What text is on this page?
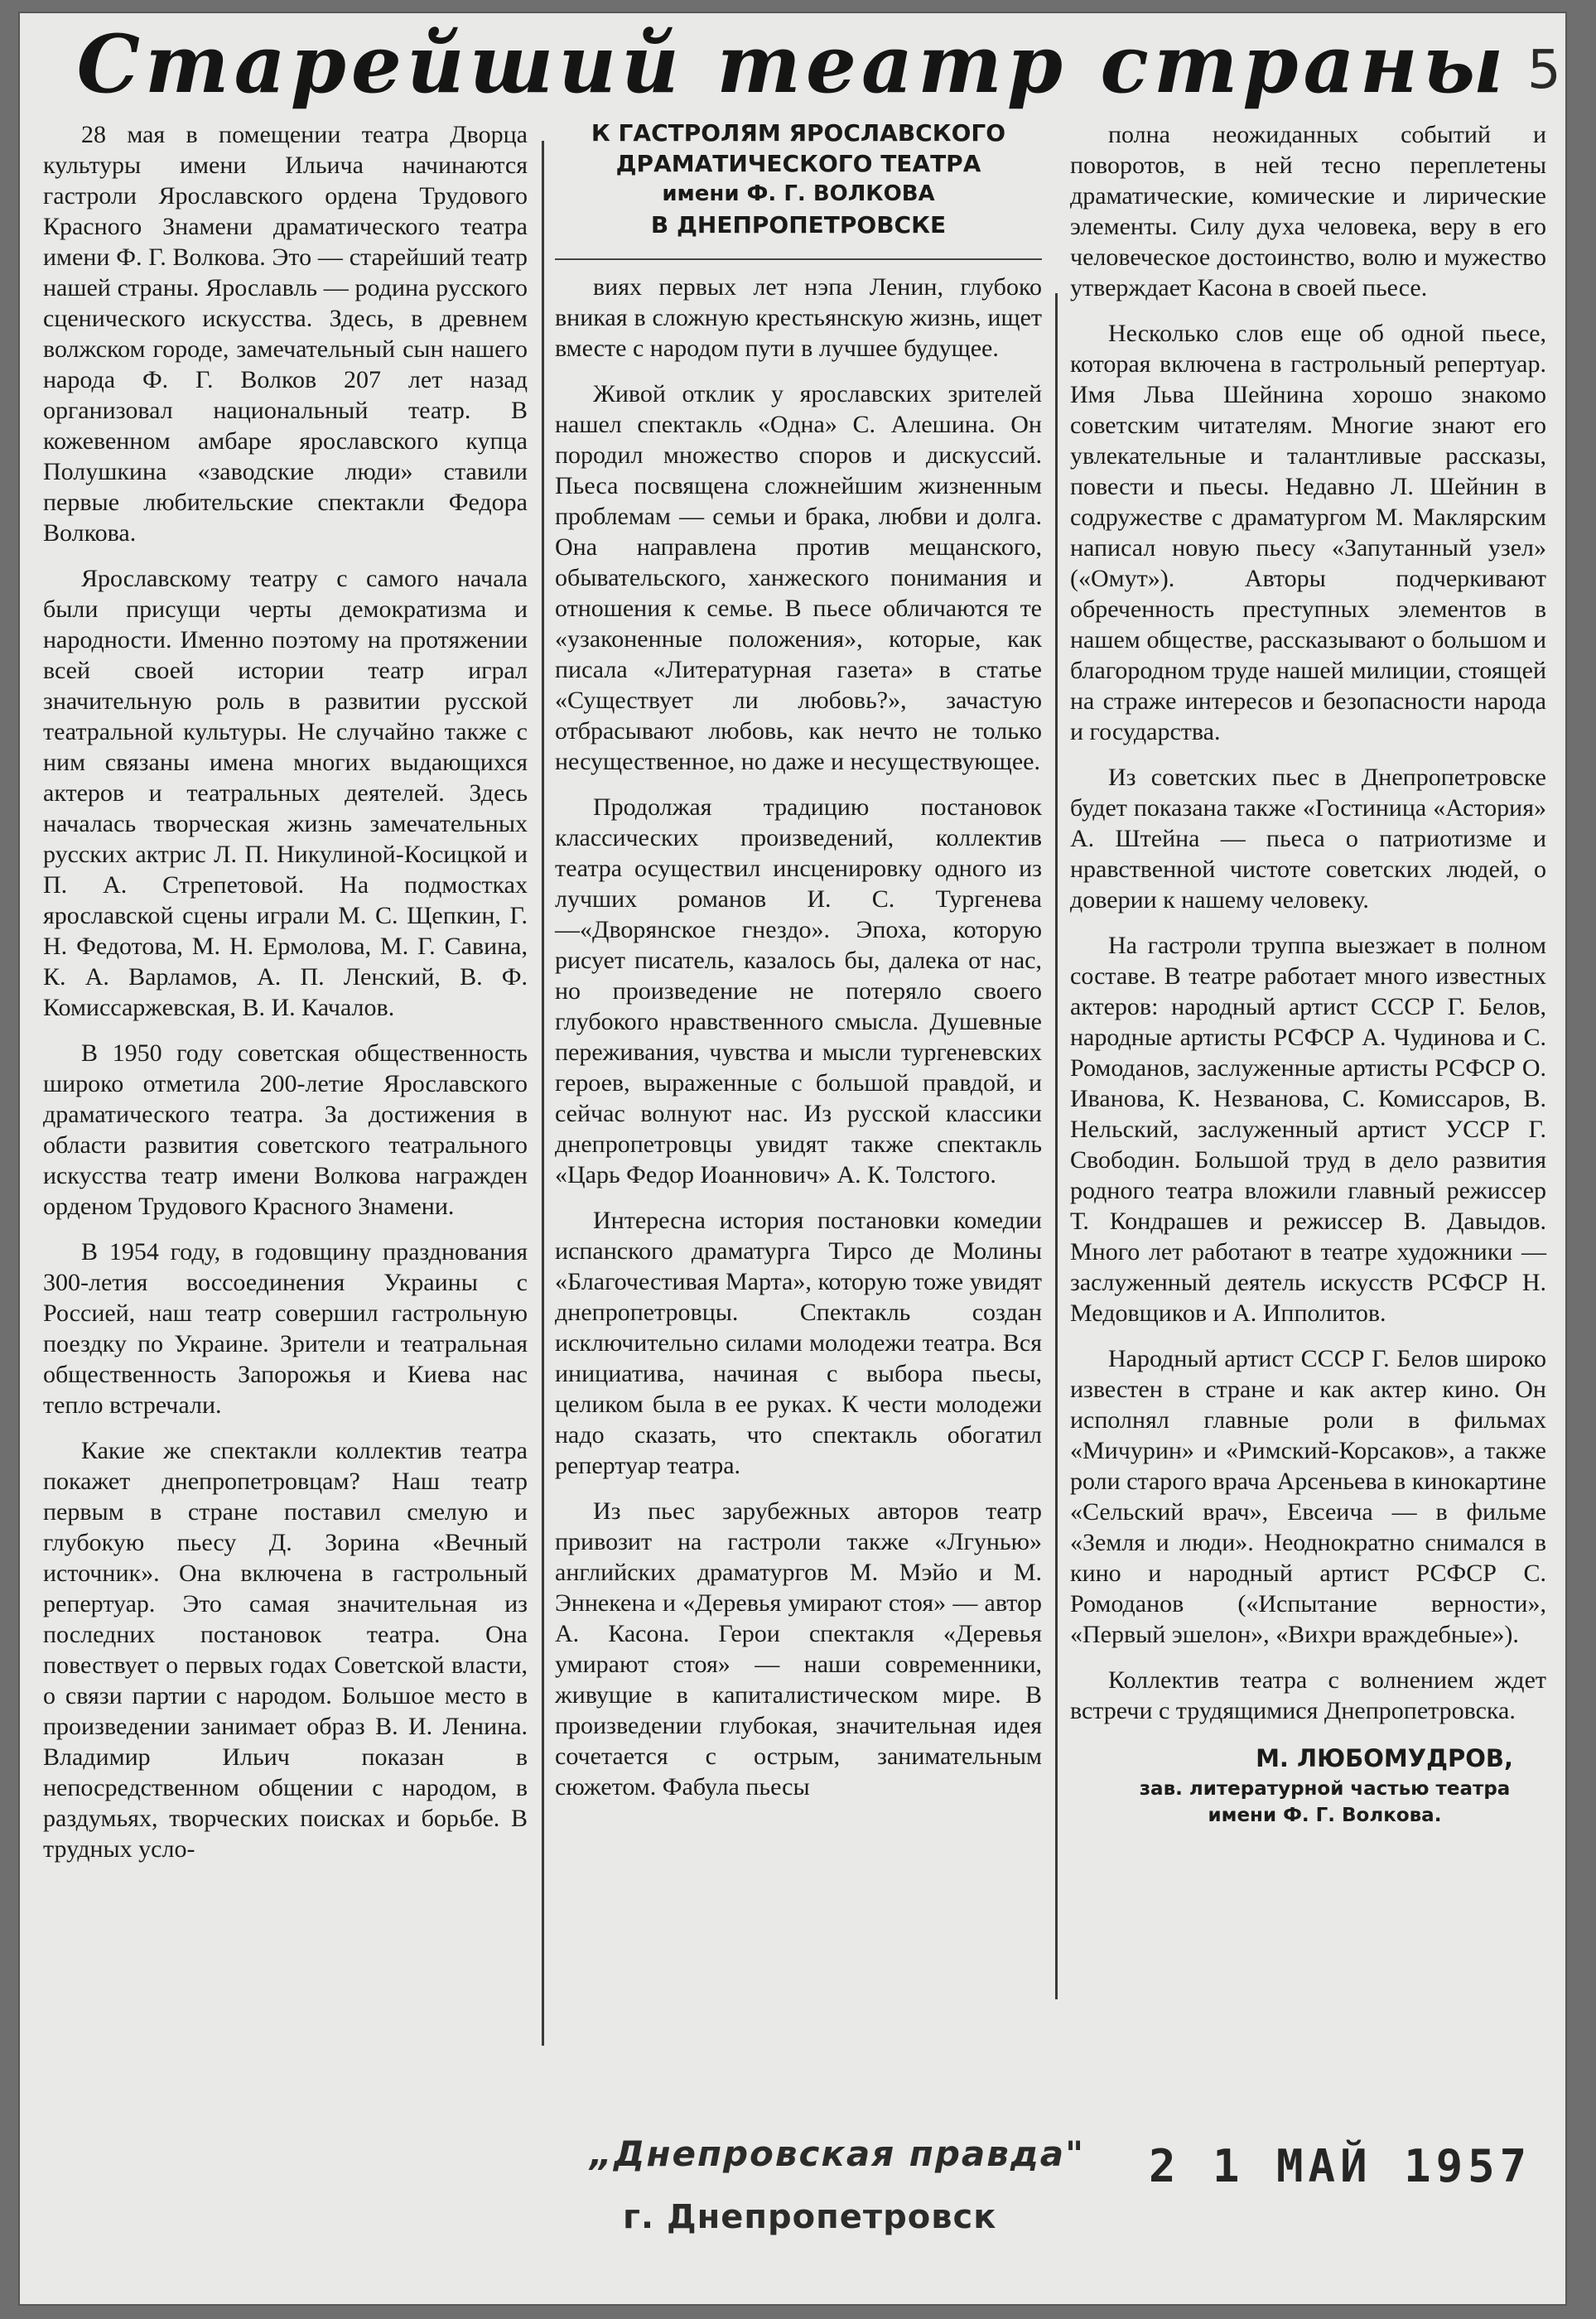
Старейший театр страны 5

28 мая в помещении театра Дворца культуры имени Ильича начинаются гастроли Ярославского ордена Трудового Красного Знамени драматического театра имени Ф. Г. Волкова. Это — старейший театр нашей страны. Ярославль — родина русского сценического искусства. Здесь, в древнем волжском городе, замечательный сын нашего народа Ф. Г. Волков 207 лет назад организовал национальный театр. В кожевенном амбаре ярославского купца Полушкина «заводские люди» ставили первые любительские спектакли Федора Волкова.

Ярославскому театру с самого начала были присущи черты демократизма и народности. Именно поэтому на протяжении всей своей истории театр играл значительную роль в развитии русской театральной культуры. Не случайно также с ним связаны имена многих выдающихся актеров и театральных деятелей. Здесь началась творческая жизнь замечательных русских актрис Л. П. Никулиной-Косицкой и П. А. Стрепетовой. На подмостках ярославской сцены играли М. С. Щепкин, Г. Н. Федотова, М. Н. Ермолова, М. Г. Савина, К. А. Варламов, А. П. Ленский, В. Ф. Комиссаржевская, В. И. Качалов.

В 1950 году советская общественность широко отметила 200-летие Ярославского драматического театра. За достижения в области развития советского театрального искусства театр имени Волкова награжден орденом Трудового Красного Знамени.

В 1954 году, в годовщину празднования 300-летия воссоединения Украины с Россией, наш театр совершил гастрольную поездку по Украине. Зрители и театральная общественность Запорожья и Киева нас тепло встречали.

Какие же спектакли коллектив театра покажет днепропетровцам? Наш театр первым в стране поставил смелую и глубокую пьесу Д. Зорина «Вечный источник». Она включена в гастрольный репертуар. Это самая значительная из последних постановок театра. Она повествует о первых годах Советской власти, о связи партии с народом. Большое место в произведении занимает образ В. И. Ленина. Владимир Ильич показан в непосредственном общении с народом, в раздумьях, творческих поисках и борьбе. В трудных усло-

К ГАСТРОЛЯМ ЯРОСЛАВСКОГО
ДРАМАТИЧЕСКОГО ТЕАТРА
имени Ф. Г. ВОЛКОВА
В ДНЕПРОПЕТРОВСКЕ

виях первых лет нэпа Ленин, глубоко вникая в сложную крестьянскую жизнь, ищет вместе с народом пути в лучшее будущее.

Живой отклик у ярославских зрителей нашел спектакль «Одна» С. Алешина. Он породил множество споров и дискуссий. Пьеса посвящена сложнейшим жизненным проблемам — семьи и брака, любви и долга. Она направлена против мещанского, обывательского, ханжеского понимания и отношения к семье. В пьесе обличаются те «узаконенные положения», которые, как писала «Литературная газета» в статье «Существует ли любовь?», зачастую отбрасывают любовь, как нечто не только несущественное, но даже и несуществующее.

Продолжая традицию постановок классических произведений, коллектив театра осуществил инсценировку одного из лучших романов И. С. Тургенева—«Дворянское гнездо». Эпоха, которую рисует писатель, казалось бы, далека от нас, но произведение не потеряло своего глубокого нравственного смысла. Душевные переживания, чувства и мысли тургеневских героев, выраженные с большой правдой, и сейчас волнуют нас. Из русской классики днепропетровцы увидят также спектакль «Царь Федор Иоаннович» А. К. Толстого.

Интересна история постановки комедии испанского драматурга Тирсо де Молины «Благочестивая Марта», которую тоже увидят днепропетровцы. Спектакль создан исключительно силами молодежи театра. Вся инициатива, начиная с выбора пьесы, целиком была в ее руках. К чести молодежи надо сказать, что спектакль обогатил репертуар театра.

Из пьес зарубежных авторов театр привозит на гастроли также «Лгунью» английских драматургов М. Мэйо и М. Эннекена и «Деревья умирают стоя» — автор А. Касона. Герои спектакля «Деревья умирают стоя» — наши современники, живущие в капиталистическом мире. В произведении глубокая, значительная идея сочетается с острым, занимательным сюжетом. Фабула пьесы

полна неожиданных событий и поворотов, в ней тесно переплетены драматические, комические и лирические элементы. Силу духа человека, веру в его человеческое достоинство, волю и мужество утверждает Касона в своей пьесе.

Несколько слов еще об одной пьесе, которая включена в гастрольный репертуар. Имя Льва Шейнина хорошо знакомо советским читателям. Многие знают его увлекательные и талантливые рассказы, повести и пьесы. Недавно Л. Шейнин в содружестве с драматургом М. Маклярским написал новую пьесу «Запутанный узел» («Омут»). Авторы подчеркивают обреченность преступных элементов в нашем обществе, рассказывают о большом и благородном труде нашей милиции, стоящей на страже интересов и безопасности народа и государства.

Из советских пьес в Днепропетровске будет показана также «Гостиница «Астория» А. Штейна — пьеса о патриотизме и нравственной чистоте советских людей, о доверии к нашему человеку.

На гастроли труппа выезжает в полном составе. В театре работает много известных актеров: народный артист СССР Г. Белов, народные артисты РСФСР А. Чудинова и С. Ромоданов, заслуженные артисты РСФСР О. Иванова, К. Незванова, С. Комиссаров, В. Нельский, заслуженный артист УССР Г. Свободин. Большой труд в дело развития родного театра вложили главный режиссер Т. Кондрашев и режиссер В. Давыдов. Много лет работают в театре художники — заслуженный деятель искусств РСФСР Н. Медовщиков и А. Ипполитов.

Народный артист СССР Г. Белов широко известен в стране и как актер кино. Он исполнял главные роли в фильмах «Мичурин» и «Римский-Корсаков», а также роли старого врача Арсеньева в кинокартине «Сельский врач», Евсеича — в фильме «Земля и люди». Неоднократно снимался в кино и народный артист РСФСР С. Ромоданов («Испытание верности», «Первый эшелон», «Вихри враждебные»).

Коллектив театра с волнением ждет встречи с трудящимися Днепропетровска.

М. ЛЮБОМУДРОВ,
зав. литературной частью театра
имени Ф. Г. Волкова.
„Днепровская правда"
г. Днепропетровск
2 1 МАЙ 1957
